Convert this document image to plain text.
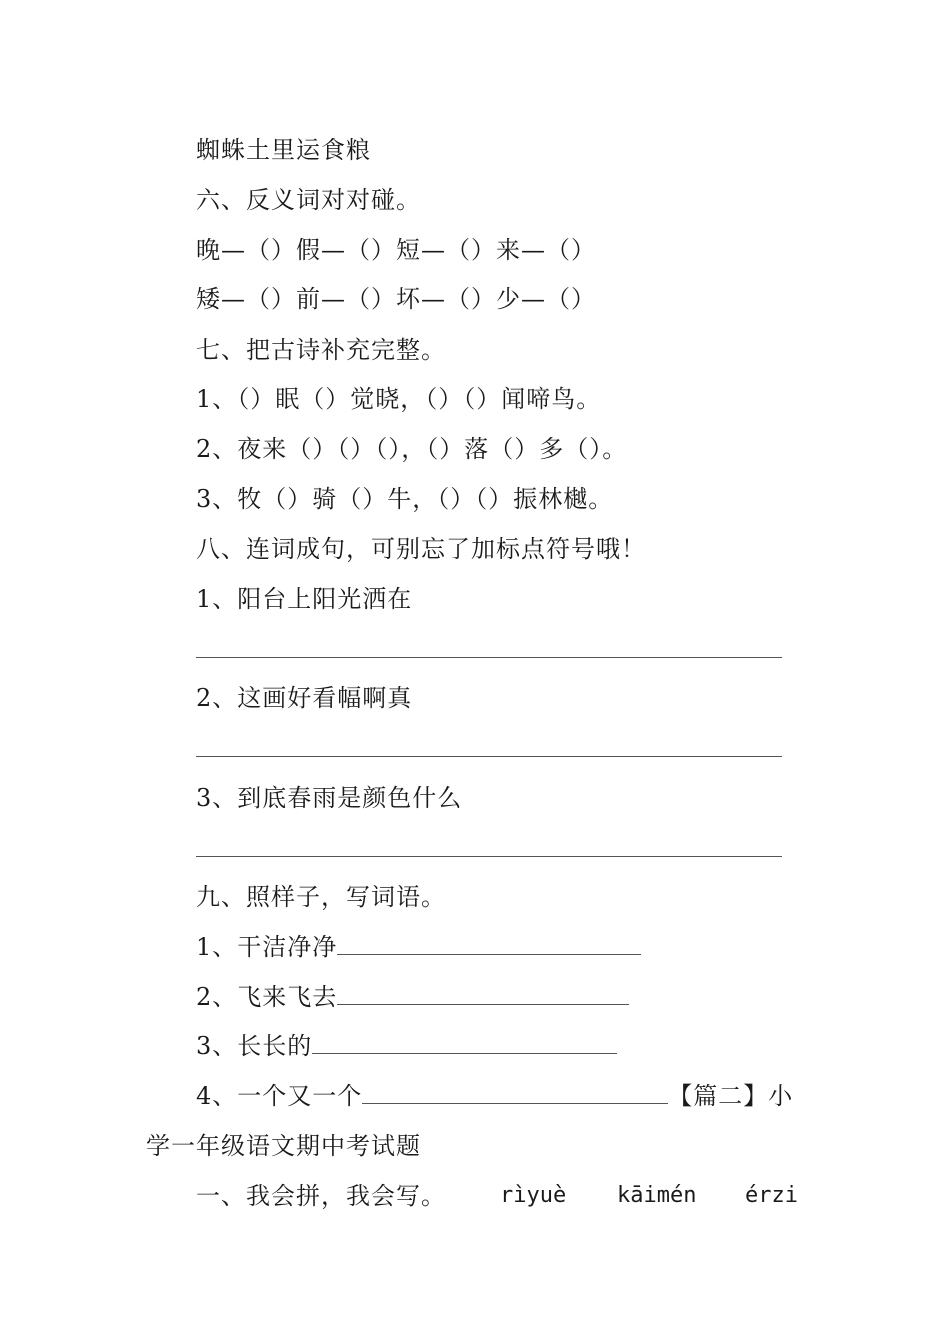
蜘蛛土里运食粮
六、反义词对对碰。
晚—（）假—（）短—（）来—（）
矮—（）前—（）坏—（）少—（）
七、把古诗补充完整。
1、（）眠（）觉晓，（）（）闻啼鸟。
2、夜来（）（）（），（）落（）多（）。
3、牧（）骑（）牛，（）（）振林樾。
八、连词成句，可别忘了加标点符号哦！
1、阳台上阳光洒在
2、这画好看幅啊真
3、到底春雨是颜色什么
九、照样子，写词语。
1、干洁净净
2、飞来飞去
3、长长的
4、一个又一个	【篇二】小
学一年级语文期中考试题
一、我会拼，我会写。 rìyuè kāimén érzi
